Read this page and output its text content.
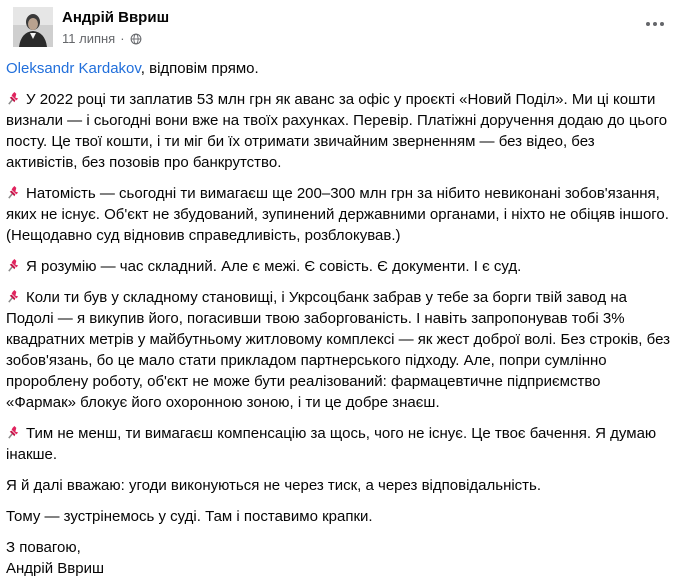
Андрій Ввриш
11 липня ·

Oleksandr Kardakov, відповім прямо.

У 2022 році ти заплатив 53 млн грн як аванс за офіс у проєкті «Новий Поділ». Ми ці кошти визнали — і сьогодні вони вже на твоїх рахунках. Перевір. Платіжні доручення додаю до цього посту. Це твої кошти, і ти міг би їх отримати звичайним зверненням — без відео, без активістів, без позовів про банкрутство.

Натомість — сьогодні ти вимагаєш ще 200–300 млн грн за нібито невиконані зобов'язання, яких не існує. Об'єкт не збудований, зупинений державними органами, і ніхто не обіцяв іншого. (Нещодавно суд відновив справедливість, розблокував.)

Я розумію — час складний. Але є межі. Є совість. Є документи. І є суд.

Коли ти був у складному становищі, і Укрсоцбанк забрав у тебе за борги твій завод на Подолі — я викупив його, погасивши твою заборгованість. І навіть запропонував тобі 3% квадратних метрів у майбутньому житловому комплексі — як жест доброї волі. Без строків, без зобов'язань, бо це мало стати прикладом партнерського підходу. Але, попри сумлінно пророблену роботу, об'єкт не може бути реалізований: фармацевтичне підприємство «Фармак» блокує його охоронною зоною, і ти це добре знаєш.

Тим не менш, ти вимагаєш компенсацію за щось, чого не існує. Це твоє бачення. Я думаю інакше.

Я й далі вважаю: угоди виконуються не через тиск, а через відповідальність.

Тому — зустрінемось у суді. Там і поставимо крапки.

З повагою,

Андрій Ввриш
